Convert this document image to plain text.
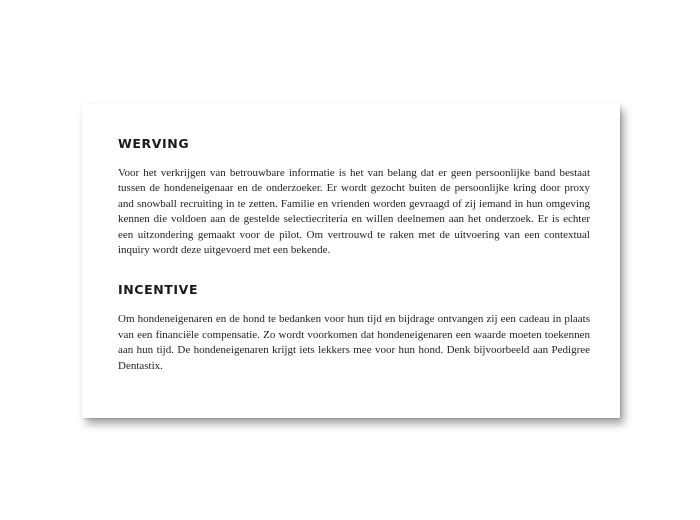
WERVING

Voor het verkrijgen van betrouwbare informatie is het van belang dat er geen persoonlijke band bestaat tussen de hondeneigenaar en de onderzoeker. Er wordt gezocht buiten de persoonlijke kring door proxy and snowball recruiting in te zetten. Familie en vrienden worden gevraagd of zij iemand in hun omgeving kennen die voldoen aan de gestelde selectiecriteria en willen deelnemen aan het onderzoek. Er is echter een uitzondering gemaakt voor de pilot. Om vertrouwd te raken met de uitvoering van een contextual inquiry wordt deze uitgevoerd met een bekende.

INCENTIVE

Om hondeneigenaren en de hond te bedanken voor hun tijd en bijdrage ontvangen zij een cadeau in plaats van een financiële compensatie. Zo wordt voorkomen dat hondeneigenaren een waarde moeten toekennen aan hun tijd. De hondeneigenaren krijgt iets lekkers mee voor hun hond. Denk bijvoorbeeld aan Pedigree Dentastix.
